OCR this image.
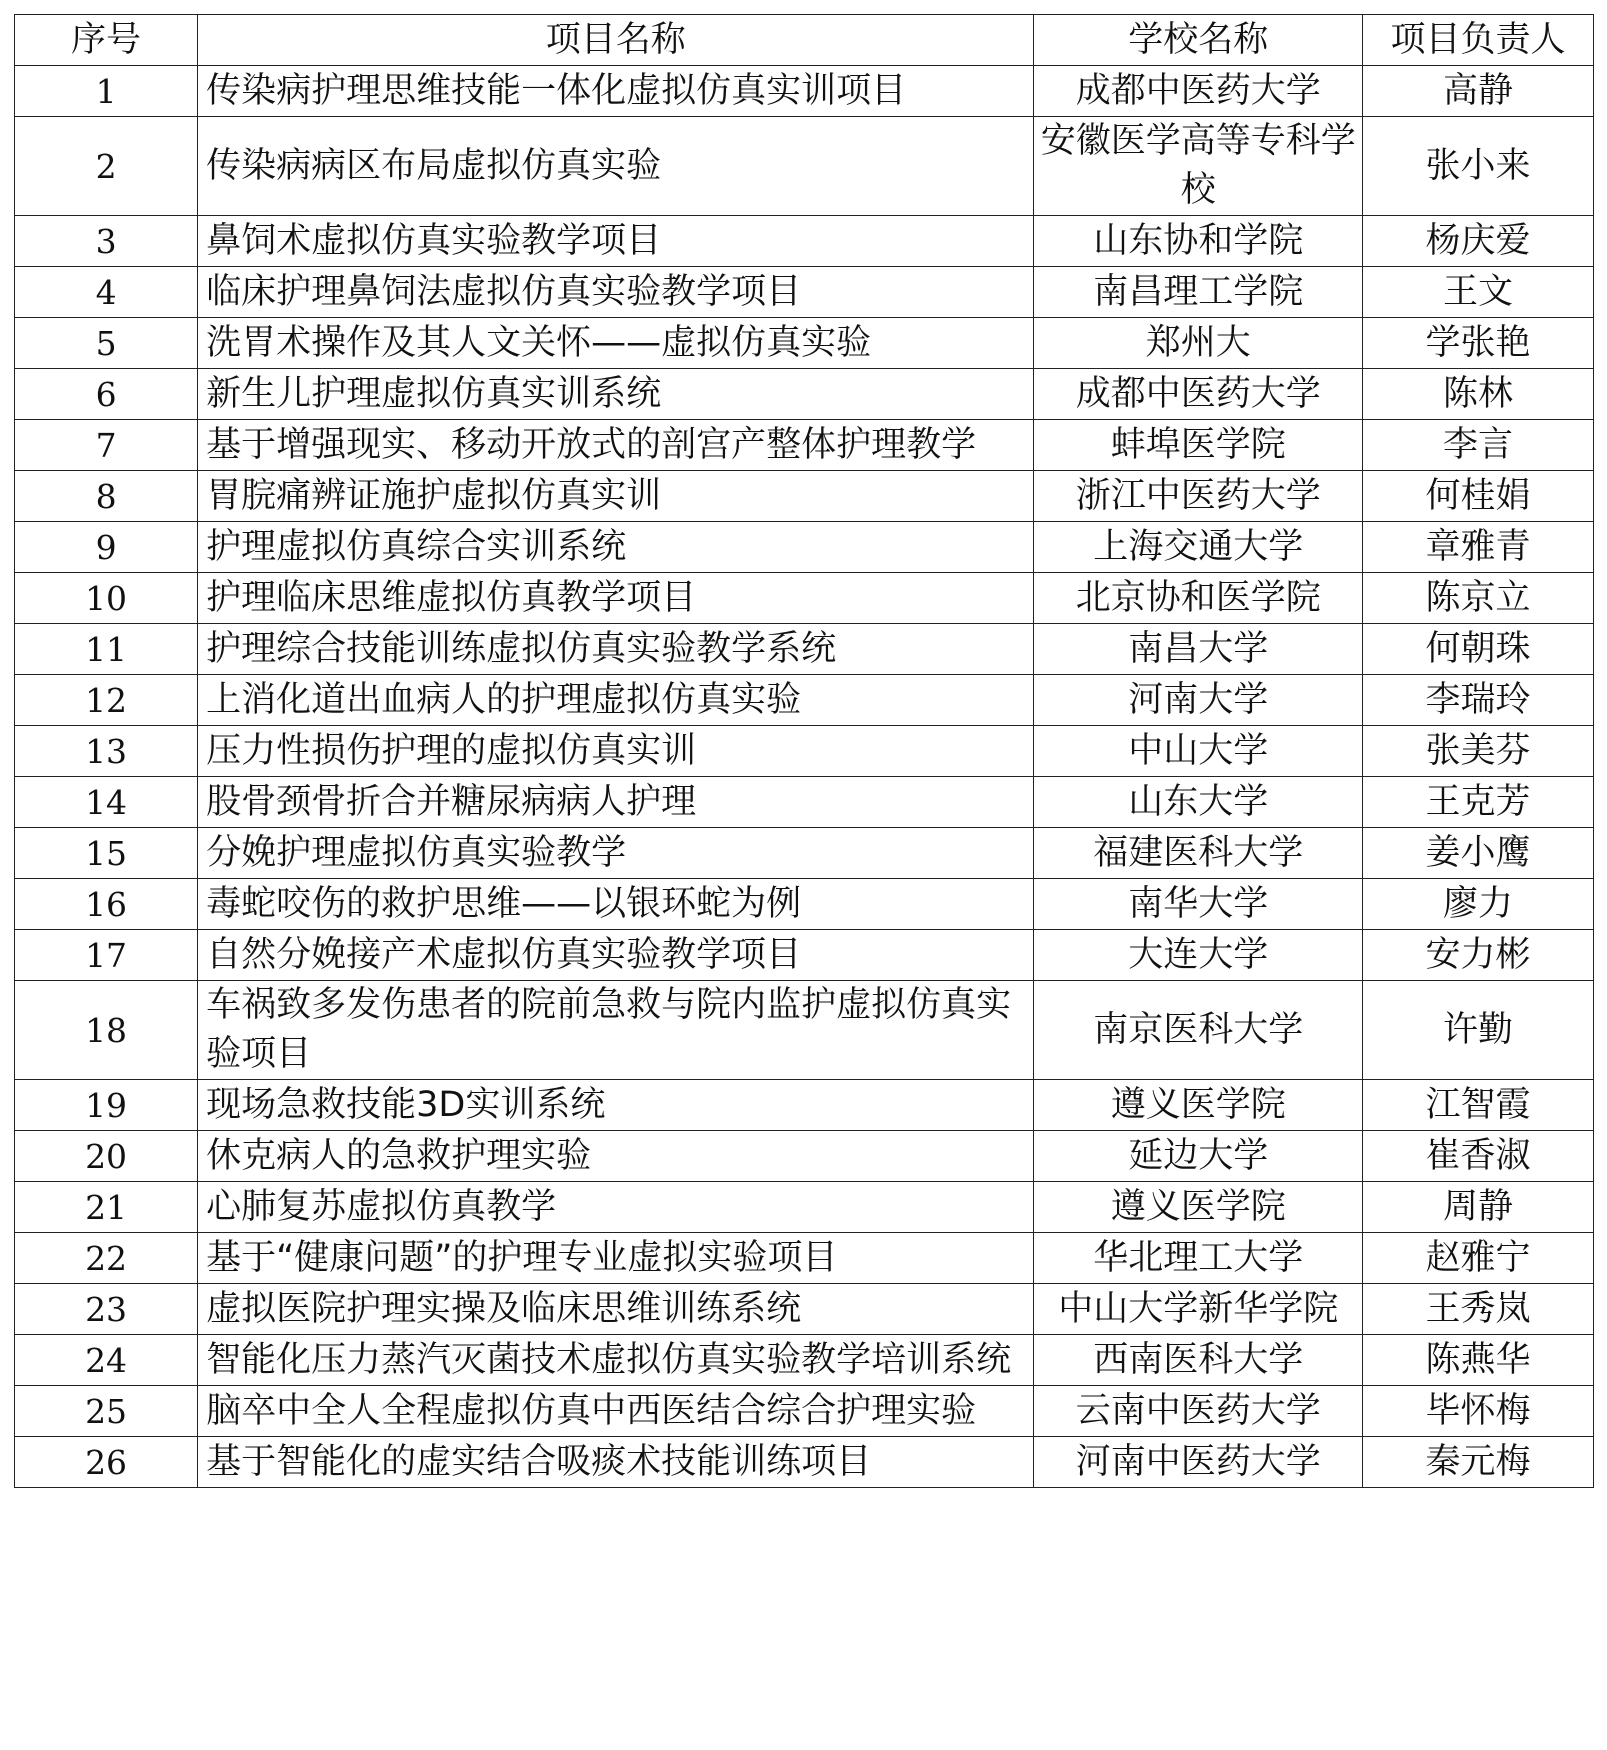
序号	项目名称	学校名称	项目负责人
1	传染病护理思维技能一体化虚拟仿真实训项目	成都中医药大学	高静
2	传染病病区布局虚拟仿真实验	安徽医学高等专科学校	张小来
3	鼻饲术虚拟仿真实验教学项目	山东协和学院	杨庆爱
4	临床护理鼻饲法虚拟仿真实验教学项目	南昌理工学院	王文
5	洗胃术操作及其人文关怀——虚拟仿真实验	郑州大	学张艳
6	新生儿护理虚拟仿真实训系统	成都中医药大学	陈林
7	基于增强现实、移动开放式的剖宫产整体护理教学	蚌埠医学院	李言
8	胃脘痛辨证施护虚拟仿真实训	浙江中医药大学	何桂娟
9	护理虚拟仿真综合实训系统	上海交通大学	章雅青
10	护理临床思维虚拟仿真教学项目	北京协和医学院	陈京立
11	护理综合技能训练虚拟仿真实验教学系统	南昌大学	何朝珠
12	上消化道出血病人的护理虚拟仿真实验	河南大学	李瑞玲
13	压力性损伤护理的虚拟仿真实训	中山大学	张美芬
14	股骨颈骨折合并糖尿病病人护理	山东大学	王克芳
15	分娩护理虚拟仿真实验教学	福建医科大学	姜小鹰
16	毒蛇咬伤的救护思维——以银环蛇为例	南华大学	廖力
17	自然分娩接产术虚拟仿真实验教学项目	大连大学	安力彬
18	车祸致多发伤患者的院前急救与院内监护虚拟仿真实验项目	南京医科大学	许勤
19	现场急救技能3D实训系统	遵义医学院	江智霞
20	休克病人的急救护理实验	延边大学	崔香淑
21	心肺复苏虚拟仿真教学	遵义医学院	周静
22	基于“健康问题”的护理专业虚拟实验项目	华北理工大学	赵雅宁
23	虚拟医院护理实操及临床思维训练系统	中山大学新华学院	王秀岚
24	智能化压力蒸汽灭菌技术虚拟仿真实验教学培训系统	西南医科大学	陈燕华
25	脑卒中全人全程虚拟仿真中西医结合综合护理实验	云南中医药大学	毕怀梅
26	基于智能化的虚实结合吸痰术技能训练项目	河南中医药大学	秦元梅
